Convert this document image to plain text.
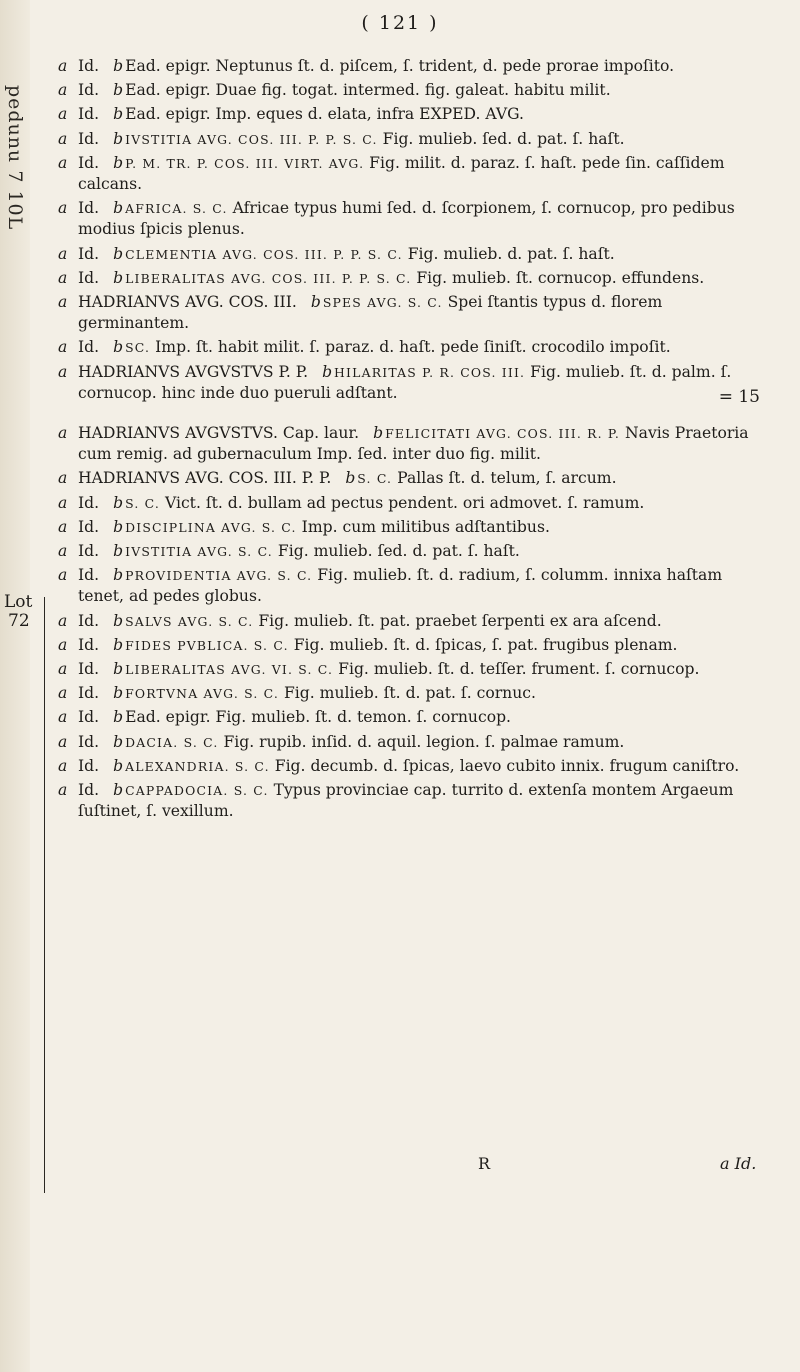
pedunu 7 10L
Lot
72
( 121 )
a Id. b Ead. epigr. Neptunus ſt. d. piſcem, ſ. trident, d. pede prorae impoſito.
a Id. b Ead. epigr. Duae fig. togat. intermed. fig. galeat. habitu milit.
a Id. b Ead. epigr. Imp. eques d. elata, infra EXPED. AVG.
a Id. b IVSTITIA AVG. COS. III. P. P. S. C. Fig. mulieb. ſed. d. pat. ſ. haſt.
a Id. b P. M. TR. P. COS. III. VIRT. AVG. Fig. milit. d. paraz. ſ. haſt. pede ſin. caſſidem calcans.
a Id. b AFRICA. S. C. Africae typus humi ſed. d. ſcorpionem, ſ. cornucop, pro pedibus modius ſpicis plenus.
a Id. b CLEMENTIA AVG. COS. III. P. P. S. C. Fig. mulieb. d. pat. ſ. haſt.
a Id. b LIBERALITAS AVG. COS. III. P. P. S. C. Fig. mulieb. ſt. cornucop. effundens.
a HADRIANVS AVG. COS. III. b SPES AVG. S. C. Spei ſtantis typus d. florem germinantem.
a Id. b SC. Imp. ſt. habit milit. ſ. paraz. d. haſt. pede ſiniſt. crocodilo impoſit.
a HADRIANVS AVGVSTVS P. P. b HILARITAS P. R. COS. III. Fig. mulieb. ſt. d. palm. ſ. cornucop. hinc inde duo pueruli adſtant.	= 15
a HADRIANVS AVGVSTVS. Cap. laur. b FELICITATI AVG. COS. III. R. P. Navis Praetoria cum remig. ad gubernaculum Imp. ſed. inter duo fig. milit.
a HADRIANVS AVG. COS. III. P. P. b S. C. Pallas ſt. d. telum, ſ. arcum.
a Id. b S. C. Vict. ſt. d. bullam ad pectus pendent. ori admovet. ſ. ramum.
a Id. b DISCIPLINA AVG. S. C. Imp. cum militibus adſtantibus.
a Id. b IVSTITIA AVG. S. C. Fig. mulieb. ſed. d. pat. ſ. haſt.
a Id. b PROVIDENTIA AVG. S. C. Fig. mulieb. ſt. d. radium, ſ. columm. innixa haſtam tenet, ad pedes globus.
a Id. b SALVS AVG. S. C. Fig. mulieb. ſt. pat. praebet ſerpenti ex ara aſcend.
a Id. b FIDES PVBLICA. S. C. Fig. mulieb. ſt. d. ſpicas, ſ. pat. frugibus plenam.
a Id. b LIBERALITAS AVG. VI. S. C. Fig. mulieb. ſt. d. teſſer. frument. ſ. cornucop.
a Id. b FORTVNA AVG. S. C. Fig. mulieb. ſt. d. pat. ſ. cornuc.
a Id. b Ead. epigr. Fig. mulieb. ſt. d. temon. ſ. cornucop.
a Id. b DACIA. S. C. Fig. rupib. inſid. d. aquil. legion. ſ. palmae ramum.
a Id. b ALEXANDRIA. S. C. Fig. decumb. d. ſpicas, laevo cubito innix. frugum caniſtro.
a Id. b CAPPADOCIA. S. C. Typus provinciae cap. turrito d. extenſa montem Argaeum ſuſtinet, ſ. vexillum.
R	a Id.
